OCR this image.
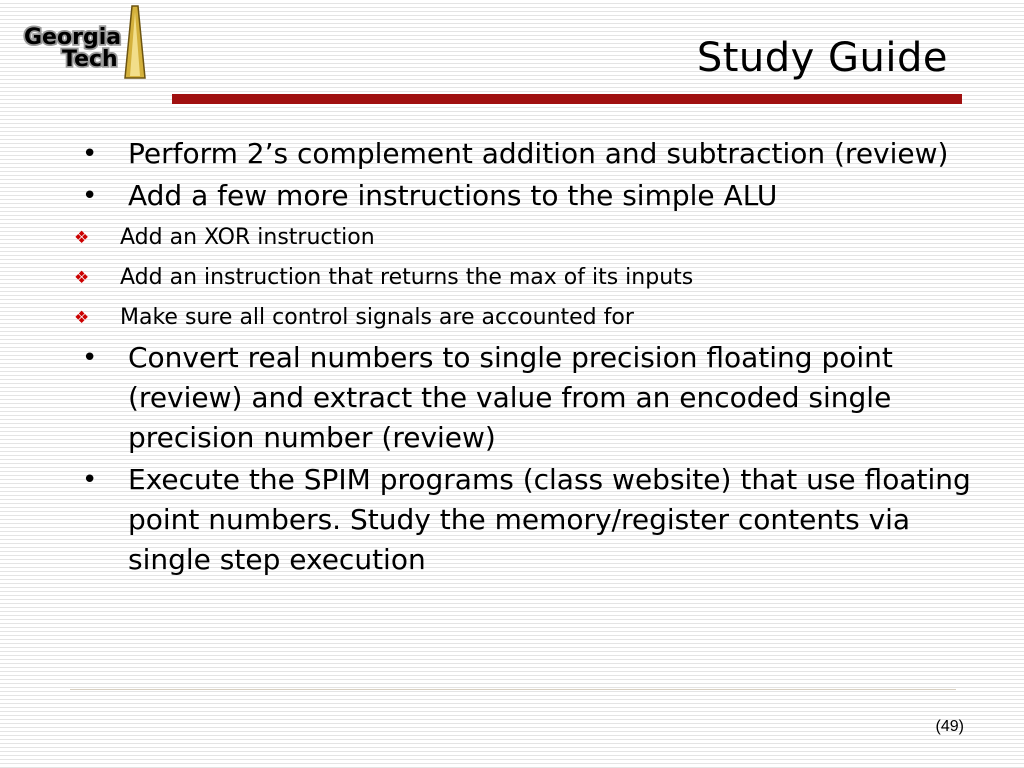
Georgia
Tech	Study Guide
• Perform 2’s complement addition and subtraction (review)
• Add a few more instructions to the simple ALU
❖ Add an XOR instruction
❖ Add an instruction that returns the max of its inputs
❖ Make sure all control signals are accounted for
• Convert real numbers to single precision floating point (review) and extract the value from an encoded single precision number (review)
• Execute the SPIM programs (class website) that use floating point numbers. Study the memory/register contents via single step execution
(49)
